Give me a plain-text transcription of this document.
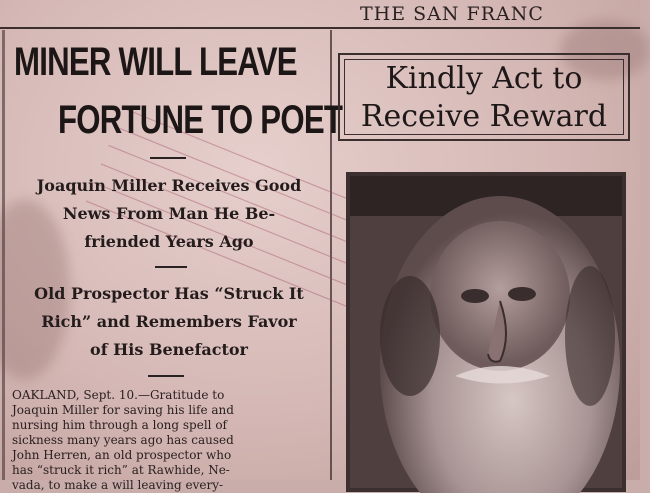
THE SAN FRANC
MINER WILL LEAVE
FORTUNE TO POET
Joaquin Miller Receives Good
News From Man He Be-
friended Years Ago
Old Prospector Has “Struck It
Rich” and Remembers Favor
of His Benefactor
OAKLAND, Sept. 10.—Gratitude to
Joaquin Miller for saving his life and
nursing him through a long spell of
sickness many years ago has caused
John Herren, an old prospector who
has “struck it rich” at Rawhide, Ne-
vada, to make a will leaving every-
Kindly Act to
Receive Reward
